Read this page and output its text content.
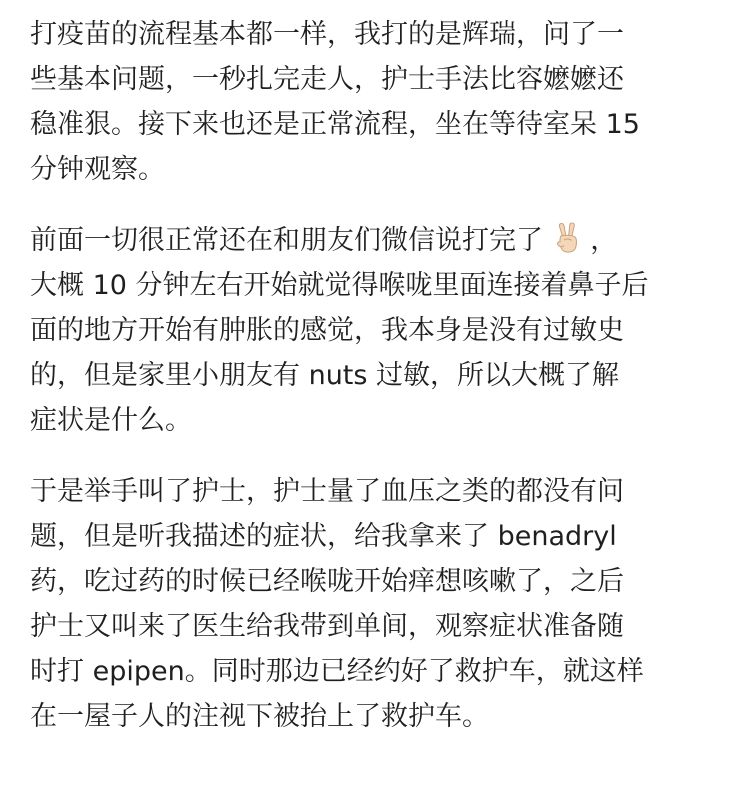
打疫苗的流程基本都一样，我打的是辉瑞，问了一
些基本问题，一秒扎完走人，护士手法比容嬷嬷还
稳准狠。接下来也还是正常流程，坐在等待室呆 15
分钟观察。
前面一切很正常还在和朋友们微信说打完了 ，
大概 10 分钟左右开始就觉得喉咙里面连接着鼻子后
面的地方开始有肿胀的感觉，我本身是没有过敏史
的，但是家里小朋友有 nuts 过敏，所以大概了解
症状是什么。
于是举手叫了护士，护士量了血压之类的都没有问
题，但是听我描述的症状，给我拿来了 benadryl
药，吃过药的时候已经喉咙开始痒想咳嗽了，之后
护士又叫来了医生给我带到单间，观察症状准备随
时打 epipen。同时那边已经约好了救护车，就这样
在一屋子人的注视下被抬上了救护车。
